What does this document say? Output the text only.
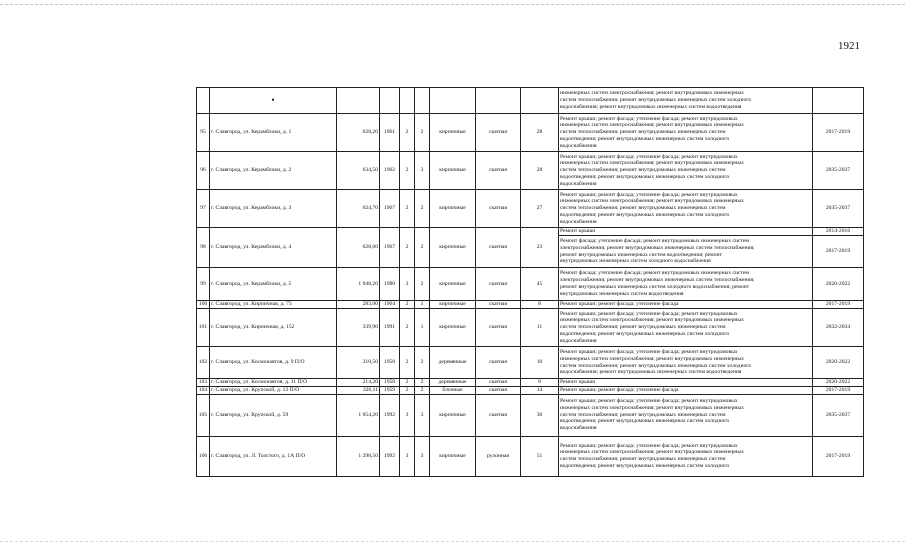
1921
	•								инженерных систем электроснабжения; ремонт внутридомовых инженерных
систем теплоснабжения; ремонт внутридомовых инженерных систем холодного
водоснабжения; ремонт внутридомовых инженерных систем водоотведения	
95	г. Славгород, ул. Керамблоки, д. 1	628,20	1961	2	2	кирпичные	скатная	28	Ремонт крыши; ремонт фасада; утепление фасада; ремонт внутридомовых
инженерных систем электроснабжения; ремонт внутридомовых инженерных
систем теплоснабжения; ремонт внутридомовых инженерных систем
водоотведения; ремонт внутридомовых инженерных систем холодного
водоснабжения	2017-2019
96	г. Славгород, ул. Керамблоки, д. 2	634,50	1962	2	3	кирпичные	скатная	28	Ремонт крыши; ремонт фасада; утепление фасада; ремонт внутридомовых
инженерных систем электроснабжения; ремонт внутридомовых инженерных
систем теплоснабжения; ремонт внутридомовых инженерных систем
водоотведения; ремонт внутридомовых инженерных систем холодного
водоснабжения	2035-2037
97	г. Славгород, ул. Керамблоки, д. 3	624,70	1967	2	2	кирпичные	скатная	27	Ремонт крыши; ремонт фасада; утепление фасада; ремонт внутридомовых
инженерных систем электроснабжения; ремонт внутридомовых инженерных
систем теплоснабжения; ремонт внутридомовых инженерных систем
водоотведения; ремонт внутридомовых инженерных систем холодного
водоснабжения	2035-2037
98	г. Славгород, ул. Керамблоки, д. 4	628,60	1967	2	2	кирпичные	скатная	23	Ремонт крыши	2014-2016
									Ремонт фасада; утепление фасада; ремонт внутридомовых инженерных систем
электроснабжения; ремонт внутридомовых инженерных систем теплоснабжения;
ремонт внутридомовых инженерных систем водоотведения; ремонт
внутридомовых инженерных систем холодного водоснабжения	2017-2019
99	г. Славгород, ул. Керамблоки, д. 5	1 048,20	1980	3	2	кирпичные	скатная	45	Ремонт фасада; утепление фасада; ремонт внутридомовых инженерных систем
электроснабжения; ремонт внутридомовых инженерных систем теплоснабжения;
ремонт внутридомовых инженерных систем холодного водоснабжения; ремонт
внутридомовых инженерных систем водоотведения	2020-2022
100	г. Славгород, ул. Кирпичная, д. 73	283,00	1964	2	1	кирпичные	скатная	8	Ремонт крыши; ремонт фасада; утепление фасада	2017-2019
101	г. Славгород, ул. Кирпичная, д. 152	339,90	1991	2	1	кирпичные	скатная	11	Ремонт крыши; ремонт фасада; утепление фасада; ремонт внутридомовых
инженерных систем электроснабжения; ремонт внутридомовых инженерных
систем теплоснабжения; ремонт внутридомовых инженерных систем
водоотведения; ремонт внутридомовых инженерных систем холодного
водоснабжения	2032-2034
102	г. Славгород, ул. Космонавтов, д. 9 П/О	310,50	1958	2	2	деревянные	скатная	10	Ремонт крыши; ремонт фасада; утепление фасада; ремонт внутридомовых
инженерных систем электроснабжения; ремонт внутридомовых инженерных
систем теплоснабжения; ремонт внутридомовых инженерных систем холодного
водоснабжения; ремонт внутридомовых инженерных систем водоотведения	2020-2022
103	г. Славгород, ул. Космонавтов, д. 11 П/О	214,20	1958	2	2	деревянные	скатная	8	Ремонт крыши	2020-2022
104	г. Славгород, ул. Крупской, д. 12 П/О	326,11	1959	2	2	блочные	скатная	14	Ремонт крыши; ремонт фасада; утепление фасада	2017-2019
105	г. Славгород, ул. Крупской, д. 59	1 054,20	1992	3	3	кирпичные	скатная	30	Ремонт крыши; ремонт фасада; утепление фасада; ремонт внутридомовых
инженерных систем электроснабжения; ремонт внутридомовых инженерных
систем теплоснабжения; ремонт внутридомовых инженерных систем
водоотведения; ремонт внутридомовых инженерных систем холодного
водоснабжения	2035-2037
106	г. Славгород, ул. Л. Толстого, д. 1А П/О	1 298,50	1992	3	3	кирпичные	рулонная	51	Ремонт крыши; ремонт фасада; утепление фасада; ремонт внутридомовых
инженерных систем электроснабжения; ремонт внутридомовых инженерных
систем теплоснабжения; ремонт внутридомовых инженерных систем
водоотведения; ремонт внутридомовых инженерных систем холодного	2017-2019
